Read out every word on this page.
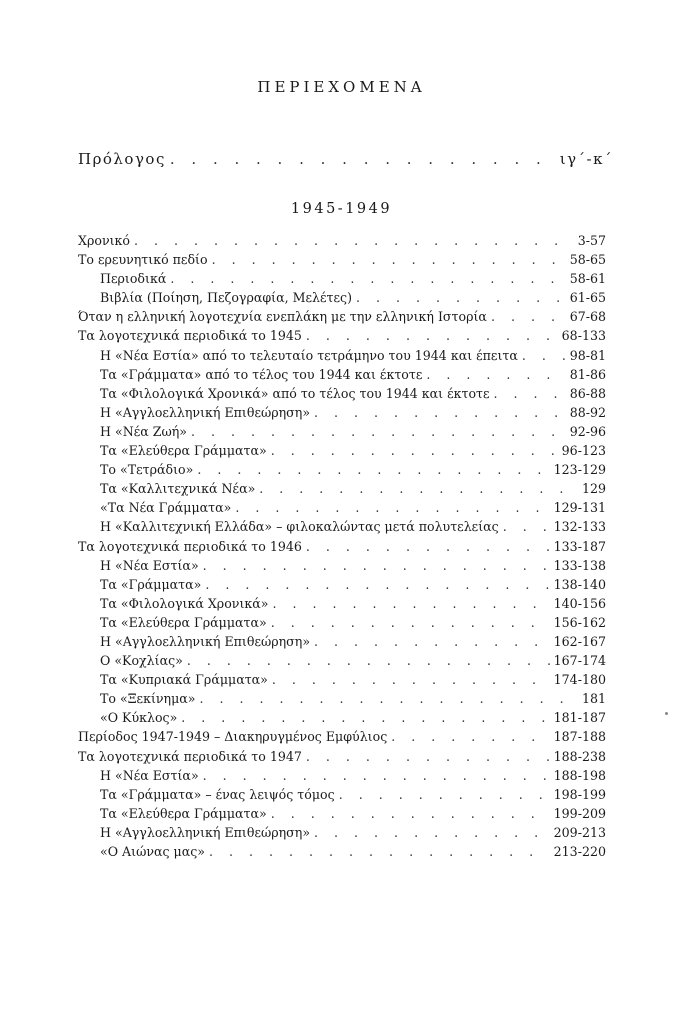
ΠΕΡΙΕΧΟΜΕΝΑ
Πρόλογος . . .	ιγ΄-κ΄
1945-1949
Χρονικό . . .	3-57
Το ερευνητικό πεδίο . . .	58-65
Περιοδικά . . .	58-61
Βιβλία (Ποίηση, Πεζογραφία, Μελέτες) . . .	61-65
Όταν η ελληνική λογοτεχνία ενεπλάκη με την ελληνική Ιστορία . . .	67-68
Τα λογοτεχνικά περιοδικά το 1945 . . .	68-133
Η «Νέα Εστία» από το τελευταίο τετράμηνο του 1944 και έπειτα . . .	98-81
Τα «Γράμματα» από το τέλος του 1944 και έκτοτε . . .	81-86
Τα «Φιλολογικά Χρονικά» από το τέλος του 1944 και έκτοτε . . .	86-88
Η «Αγγλοελληνική Επιθεώρηση» . . .	88-92
Η «Νέα Ζωή» . . .	92-96
Τα «Ελεύθερα Γράμματα» . . .	96-123
Το «Τετράδιο» . . .	123-129
Τα «Καλλιτεχνικά Νέα» . . .	129
«Τα Νέα Γράμματα» . . .	129-131
Η «Καλλιτεχνική Ελλάδα» – φιλοκαλώντας μετά πολυτελείας . . .	132-133
Τα λογοτεχνικά περιοδικά το 1946 . . .	133-187
Η «Νέα Εστία» . . .	133-138
Τα «Γράμματα» . . .	138-140
Τα «Φιλολογικά Χρονικά» . . .	140-156
Τα «Ελεύθερα Γράμματα» . . .	156-162
Η «Αγγλοελληνική Επιθεώρηση» . . .	162-167
Ο «Κοχλίας» . . .	167-174
Τα «Κυπριακά Γράμματα» . . .	174-180
Το «Ξεκίνημα» . . .	181
«Ο Κύκλος» . . .	181-187
Περίοδος 1947-1949 – Διακηρυγμένος Εμφύλιος . . .	187-188
Τα λογοτεχνικά περιοδικά το 1947 . . .	188-238
Η «Νέα Εστία» . . .	188-198
Τα «Γράμματα» – ένας λειψός τόμος . . .	198-199
Τα «Ελεύθερα Γράμματα» . . .	199-209
Η «Αγγλοελληνική Επιθεώρηση» . . .	209-213
«Ο Αιώνας μας» . . .	213-220
